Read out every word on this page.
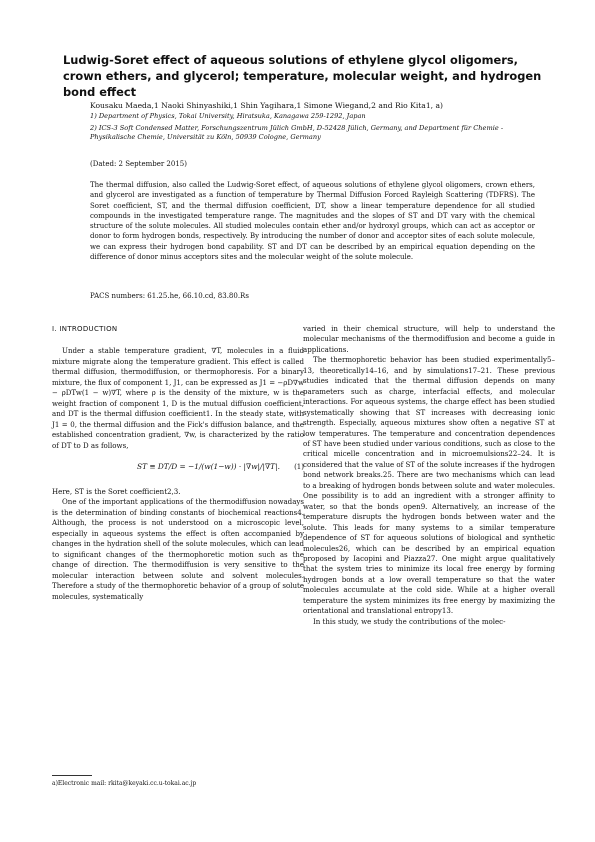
Ludwig-Soret effect of aqueous solutions of ethylene glycol oligomers, crown ethers, and glycerol; temperature, molecular weight, and hydrogen bond effect
Kousaku Maeda,1 Naoki Shinyashiki,1 Shin Yagihara,1 Simone Wiegand,2 and Rio Kita1, a)
1) Department of Physics, Tokai University, Hiratsuka, Kanagawa 259-1292, Japan
2) ICS-3 Soft Condensed Matter, Forschungszentrum Jülich GmbH, D-52428 Jülich, Germany, and Department für Chemie - Physikalische Chemie, Universität zu Köln, 50939 Cologne, Germany
(Dated: 2 September 2015)
The thermal diffusion, also called the Ludwig-Soret effect, of aqueous solutions of ethylene glycol oligomers, crown ethers, and glycerol are investigated as a function of temperature by Thermal Diffusion Forced Rayleigh Scattering (TDFRS). The Soret coefficient, ST, and the thermal diffusion coefficient, DT, show a linear temperature dependence for all studied compounds in the investigated temperature range. The magnitudes and the slopes of ST and DT vary with the chemical structure of the solute molecules. All studied molecules contain ether and/or hydroxyl groups, which can act as acceptor or donor to form hydrogen bonds, respectively. By introducing the number of donor and acceptor sites of each solute molecule, we can express their hydrogen bond capability. ST and DT can be described by an empirical equation depending on the difference of donor minus acceptors sites and the molecular weight of the solute molecule.
PACS numbers: 61.25.he, 66.10.cd, 83.80.Rs

I. INTRODUCTION

Under a stable temperature gradient, ∇T, molecules in a fluid mixture migrate along the temperature gradient. This effect is called thermal diffusion, thermodiffusion, or thermophoresis. For a binary mixture, the flux of component 1, J1, can be expressed as J1 = −ρD∇w − ρDTw(1 − w)∇T, where ρ is the density of the mixture, w is the weight fraction of component 1, D is the mutual diffusion coefficient, and DT is the thermal diffusion coefficient1. In the steady state, with J1 = 0, the thermal diffusion and the Fick's diffusion balance, and the established concentration gradient, ∇w, is characterized by the ratio of DT to D as follows,

ST ≡ DT/D = −1/(w(1−w)) · |∇w|/|∇T|. (1)

Here, ST is the Soret coefficient2,3.

One of the important applications of the thermodiffusion nowadays is the determination of binding constants of biochemical reactions4. Although, the process is not understood on a microscopic level, especially in aqueous systems the effect is often accompanied by changes in the hydration shell of the solute molecules, which can lead to significant changes of the thermophoretic motion such as the change of direction. The thermodiffusion is very sensitive to the molecular interaction between solute and solvent molecules. Therefore a study of the thermophoretic behavior of a group of solute molecules, systematically

varied in their chemical structure, will help to understand the molecular mechanisms of the thermodiffusion and become a guide in applications.

The thermophoretic behavior has been studied experimentally5–13, theoretically14–16, and by simulations17–21. These previous studies indicated that the thermal diffusion depends on many parameters such as charge, interfacial effects, and molecular interactions. For aqueous systems, the charge effect has been studied systematically showing that ST increases with decreasing ionic strength. Especially, aqueous mixtures show often a negative ST at low temperatures. The temperature and concentration dependences of ST have been studied under various conditions, such as close to the critical micelle concentration and in microemulsions22–24. It is considered that the value of ST of the solute increases if the hydrogen bond network breaks.25. There are two mechanisms which can lead to a breaking of hydrogen bonds between solute and water molecules. One possibility is to add an ingredient with a stronger affinity to water, so that the bonds open9. Alternatively, an increase of the temperature disrupts the hydrogen bonds between water and the solute. This leads for many systems to a similar temperature dependence of ST for aqueous solutions of biological and synthetic molecules26, which can be described by an empirical equation proposed by Iacopini and Piazza27. One might argue qualitatively that the system tries to minimize its local free energy by forming hydrogen bonds at a low overall temperature so that the water molecules accumulate at the cold side. While at a higher overall temperature the system minimizes its free energy by maximizing the orientational and translational entropy13.

In this study, we study the contributions of the molec-

a)Electronic mail: rkita@keyaki.cc.u-tokai.ac.jp
